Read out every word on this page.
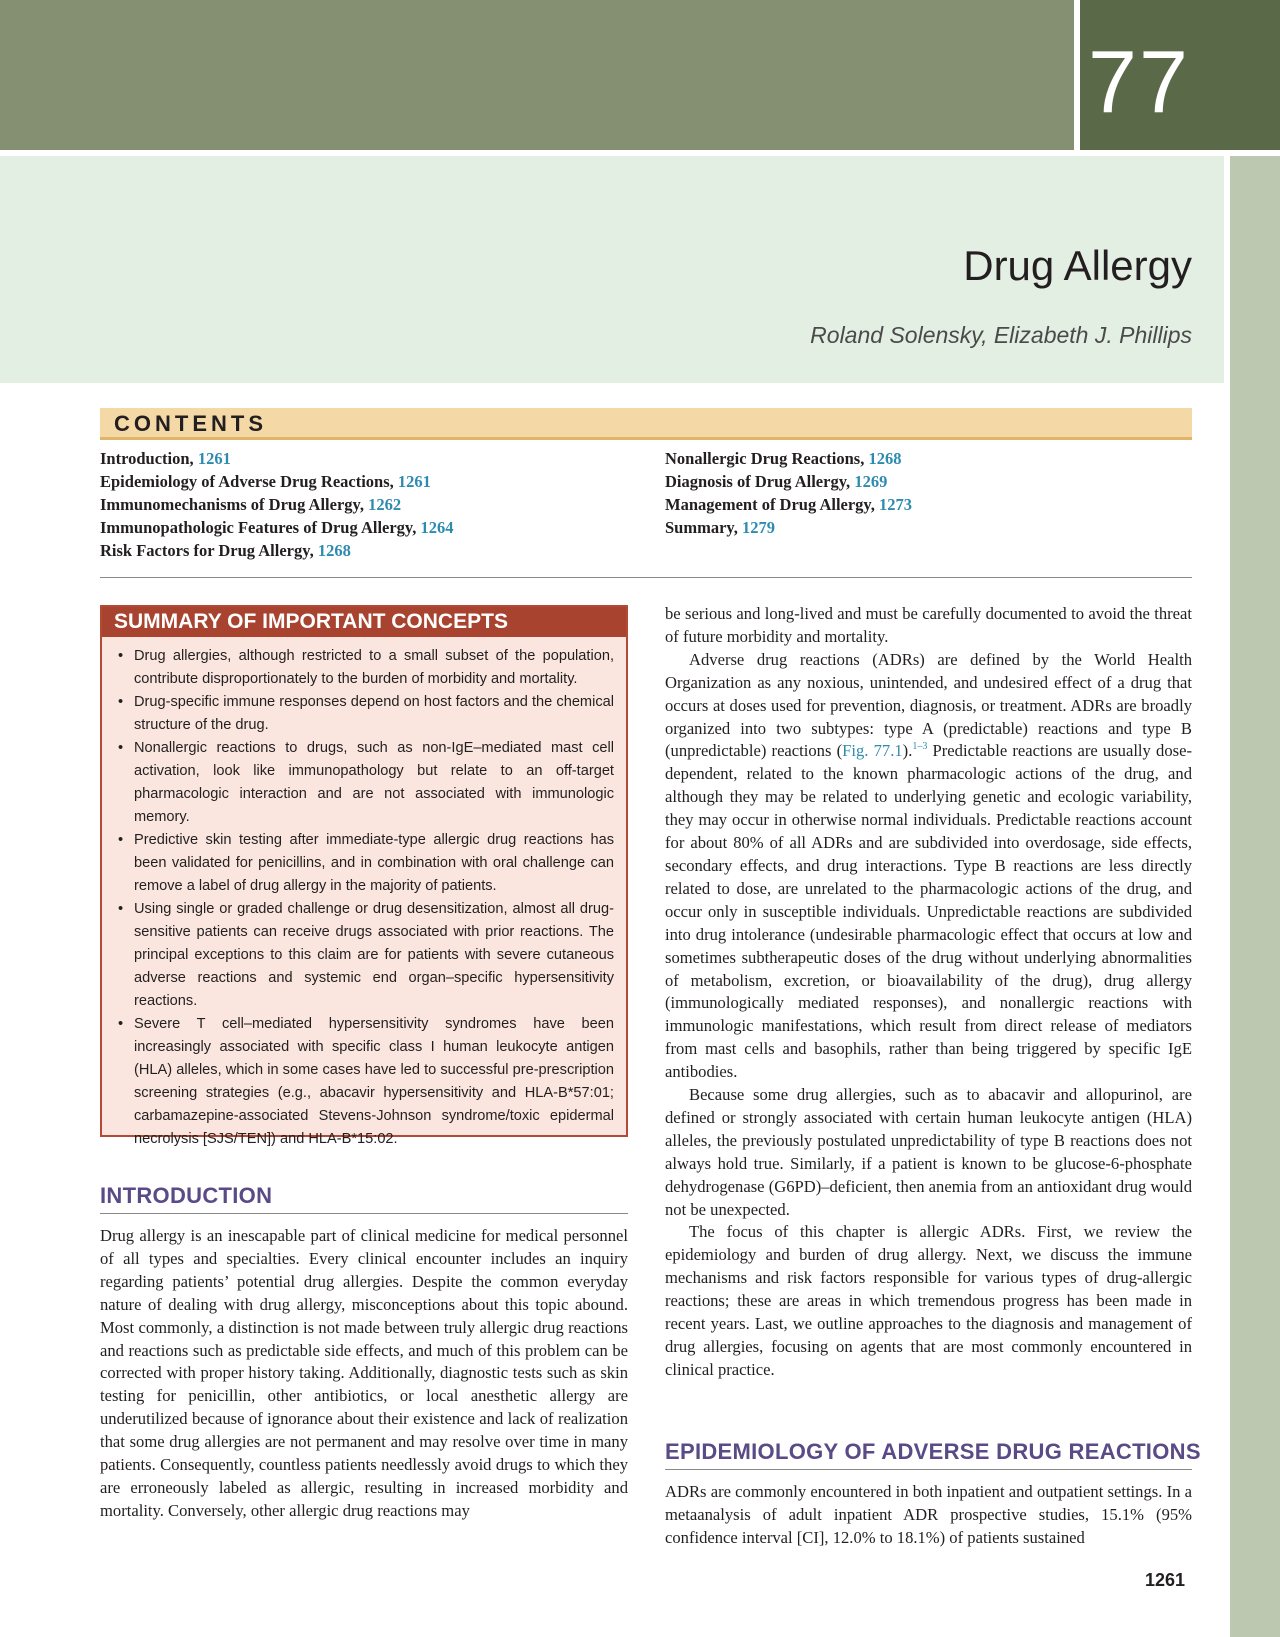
77
Drug Allergy
Roland Solensky, Elizabeth J. Phillips
CONTENTS
Introduction, 1261
Epidemiology of Adverse Drug Reactions, 1261
Immunomechanisms of Drug Allergy, 1262
Immunopathologic Features of Drug Allergy, 1264
Risk Factors for Drug Allergy, 1268
Nonallergic Drug Reactions, 1268
Diagnosis of Drug Allergy, 1269
Management of Drug Allergy, 1273
Summary, 1279
SUMMARY OF IMPORTANT CONCEPTS
• Drug allergies, although restricted to a small subset of the population, contribute disproportionately to the burden of morbidity and mortality.
• Drug-specific immune responses depend on host factors and the chemical structure of the drug.
• Nonallergic reactions to drugs, such as non-IgE–mediated mast cell activation, look like immunopathology but relate to an off-target pharmacologic interaction and are not associated with immunologic memory.
• Predictive skin testing after immediate-type allergic drug reactions has been validated for penicillins, and in combination with oral challenge can remove a label of drug allergy in the majority of patients.
• Using single or graded challenge or drug desensitization, almost all drug-sensitive patients can receive drugs associated with prior reactions. The principal exceptions to this claim are for patients with severe cutaneous adverse reactions and systemic end organ–specific hypersensitivity reactions.
• Severe T cell–mediated hypersensitivity syndromes have been increasingly associated with specific class I human leukocyte antigen (HLA) alleles, which in some cases have led to successful pre-prescription screening strategies (e.g., abacavir hypersensitivity and HLA-B*57:01; carbamazepine-associated Stevens-Johnson syndrome/toxic epidermal necrolysis [SJS/TEN]) and HLA-B*15:02.
INTRODUCTION

Drug allergy is an inescapable part of clinical medicine for medical personnel of all types and specialties. Every clinical encounter includes an inquiry regarding patients’ potential drug allergies. Despite the common everyday nature of dealing with drug allergy, misconceptions about this topic abound. Most commonly, a distinction is not made between truly allergic drug reactions and reactions such as predictable side effects, and much of this problem can be corrected with proper history taking. Additionally, diagnostic tests such as skin testing for penicillin, other antibiotics, or local anesthetic allergy are underutilized because of ignorance about their existence and lack of realization that some drug allergies are not permanent and may resolve over time in many patients. Consequently, countless patients needlessly avoid drugs to which they are erroneously labeled as allergic, resulting in increased morbidity and mortality. Conversely, other allergic drug reactions may

be serious and long-lived and must be carefully documented to avoid the threat of future morbidity and mortality.

Adverse drug reactions (ADRs) are defined by the World Health Organization as any noxious, unintended, and undesired effect of a drug that occurs at doses used for prevention, diagnosis, or treatment. ADRs are broadly organized into two subtypes: type A (predictable) reactions and type B (unpredictable) reactions (Fig. 77.1).$^{1-3}$ Predictable reactions are usually dose-dependent, related to the known pharmacologic actions of the drug, and although they may be related to underlying genetic and ecologic variability, they may occur in otherwise normal individuals. Predictable reactions account for about 80% of all ADRs and are subdivided into overdosage, side effects, secondary effects, and drug interactions. Type B reactions are less directly related to dose, are unrelated to the pharmacologic actions of the drug, and occur only in susceptible individuals. Unpredictable reactions are subdivided into drug intolerance (undesirable pharmacologic effect that occurs at low and sometimes subtherapeutic doses of the drug without underlying abnormalities of metabolism, excretion, or bioavailability of the drug), drug allergy (immunologically mediated responses), and nonallergic reactions with immunologic manifestations, which result from direct release of mediators from mast cells and basophils, rather than being triggered by specific IgE antibodies.

Because some drug allergies, such as to abacavir and allopurinol, are defined or strongly associated with certain human leukocyte antigen (HLA) alleles, the previously postulated unpredictability of type B reactions does not always hold true. Similarly, if a patient is known to be glucose-6-phosphate dehydrogenase (G6PD)–deficient, then anemia from an antioxidant drug would not be unexpected.

The focus of this chapter is allergic ADRs. First, we review the epidemiology and burden of drug allergy. Next, we discuss the immune mechanisms and risk factors responsible for various types of drug-allergic reactions; these are areas in which tremendous progress has been made in recent years. Last, we outline approaches to the diagnosis and management of drug allergies, focusing on agents that are most commonly encountered in clinical practice.

EPIDEMIOLOGY OF ADVERSE DRUG REACTIONS

ADRs are commonly encountered in both inpatient and outpatient settings. In a metaanalysis of adult inpatient ADR prospective studies, 15.1% (95% confidence interval [CI], 12.0% to 18.1%) of patients sustained

1261
